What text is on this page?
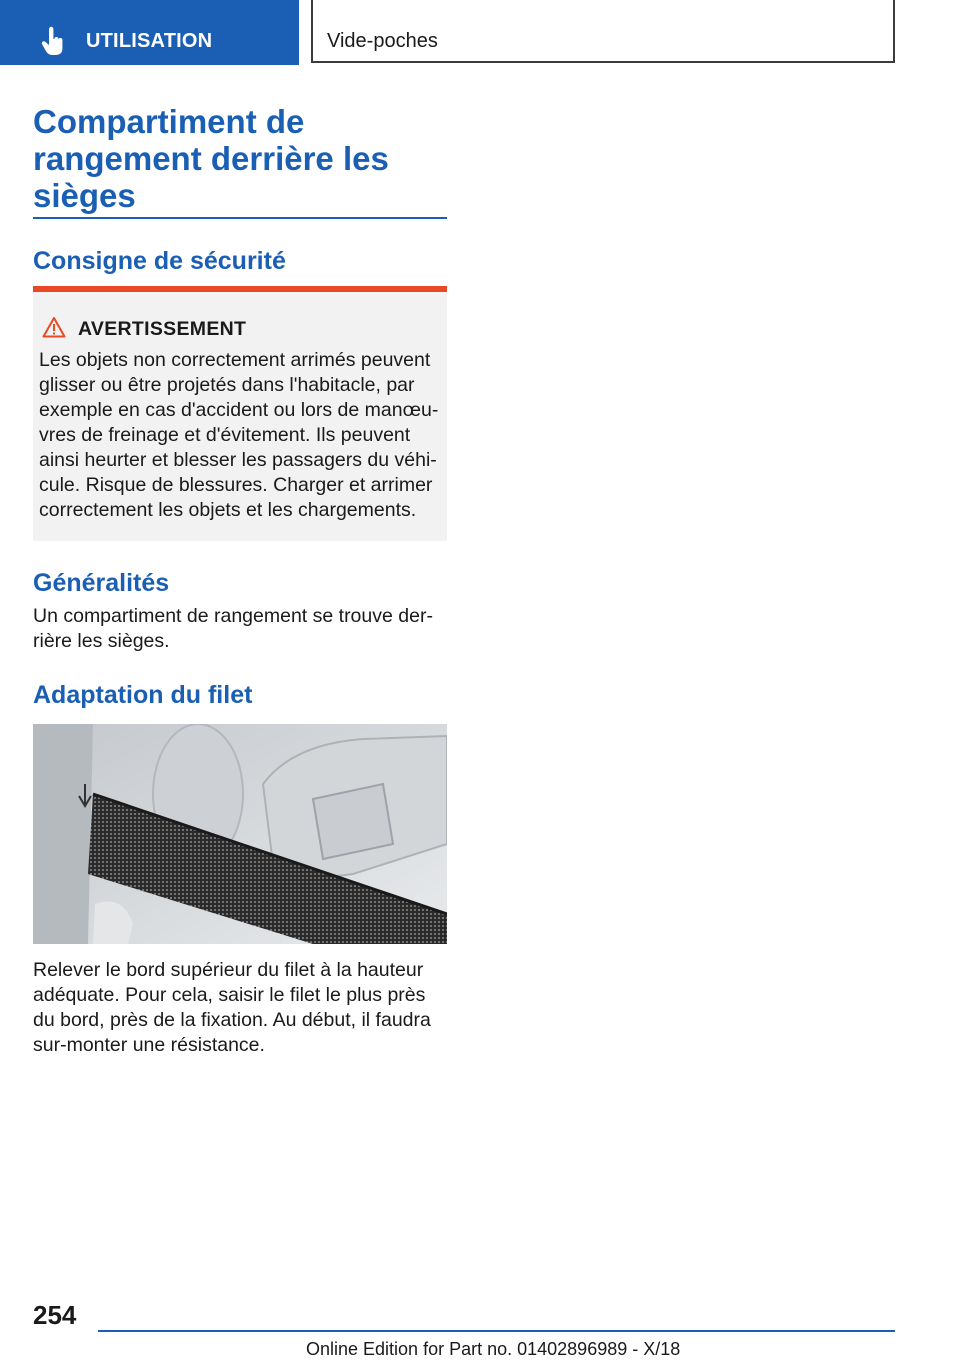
UTILISATION	Vide-poches
Compartiment de rangement derrière les sièges
Consigne de sécurité
AVERTISSEMENT

Les objets non correctement arrimés peuvent glisser ou être projetés dans l'habitacle, par exemple en cas d'accident ou lors de manœu‐vres de freinage et d'évitement. Ils peuvent ainsi heurter et blesser les passagers du véhi‐cule. Risque de blessures. Charger et arrimer correctement les objets et les chargements.

Généralités

Un compartiment de rangement se trouve der‐rière les sièges.

Adaptation du filet

Relever le bord supérieur du filet à la hauteur adéquate. Pour cela, saisir le filet le plus près du bord, près de la fixation. Au début, il faudra sur‐monter une résistance.

254
Online Edition for Part no. 01402896989 - X/18
